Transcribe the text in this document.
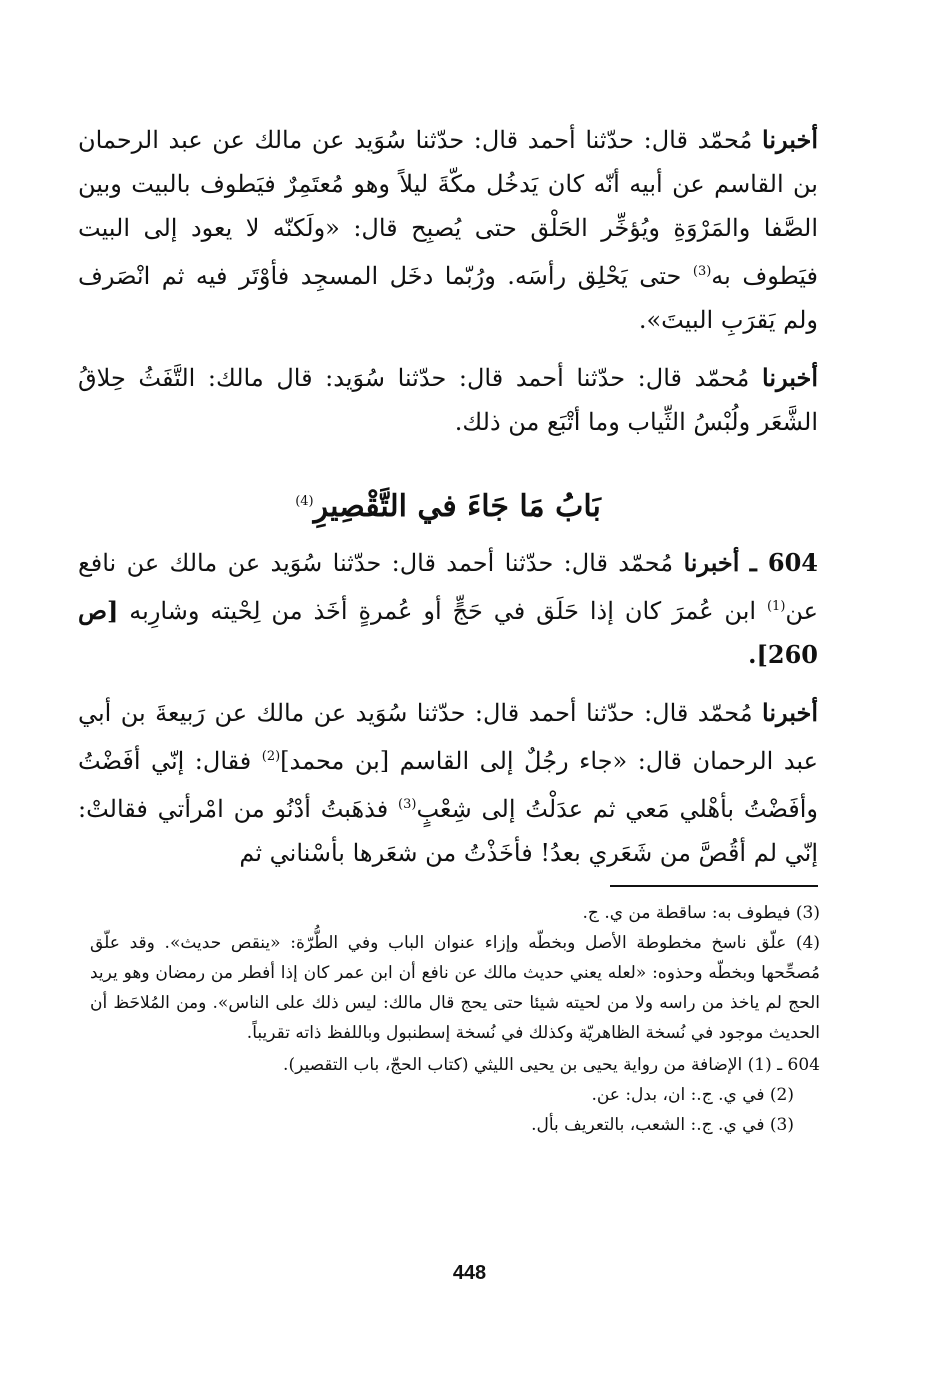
أخبرنا مُحمّد قال: حدّثنا أحمد قال: حدّثنا سُوَيد عن مالك عن عبد الرحمان بن القاسم عن أبيه أنّه كان يَدخُل مكّةَ ليلاً وهو مُعتَمِرٌ فيَطوف بالبيت وبين الصَّفا والمَرْوَةِ ويُؤخِّر الحَلْق حتى يُصبِح قال: «ولَكنّه لا يعود إلى البيت فيَطوف به$^{(3)}$ حتى يَحْلِق رأسَه. ورُبّما دخَل المسجِد فأوْتَر فيه ثم انْصَرف ولم يَقرَبِ البيتَ».

أخبرنا مُحمّد قال: حدّثنا أحمد قال: حدّثنا سُوَيد: قال مالك: التَّفَثُ حِلاقُ الشَّعَر ولُبْسُ الثِّياب وما أتْبَع من ذلك.

بَابُ مَا جَاءَ في التَّقْصِيرِ$^{(4)}$

604 ـ أخبرنا مُحمّد قال: حدّثنا أحمد قال: حدّثنا سُوَيد عن مالك عن نافع عن$^{(1)}$ ابن عُمرَ كان إذا حَلَق في حَجٍّ أو عُمرةٍ أخَذ من لِحْيته وشارِبه [ص 260].

أخبرنا مُحمّد قال: حدّثنا أحمد قال: حدّثنا سُوَيد عن مالك عن رَبيعةَ بن أبي عبد الرحمان قال: «جاء رجُلٌ إلى القاسم [بن محمد]$^{(2)}$ فقال: إنّي أفَضْتُ وأفَضْتُ بأهْلي مَعي ثم عدَلْتُ إلى شِعْبٍ$^{(3)}$ فذهَبتُ أدْنُو من امْرأتي فقالتْ: إنّي لم أقُصَّ من شَعَري بعدُ! فأخَذْتُ من شعَرها بأسْناني ثم

(3) فيطوف به: ساقطة من ي. ج.

(4) علّق ناسخ مخطوطة الأصل وبخطّه وإزاء عنوان الباب وفي الطُّرّة: «ينقص حديث». وقد علّق مُصحِّحها وبخطّه وحذوه: «لعله يعني حديث مالك عن نافع أن ابن عمر كان إذا أفطر من رمضان وهو يريد الحج لم ياخذ من راسه ولا من لحيته شيئا حتى يحج قال مالك: ليس ذلك على الناس». ومن المُلاحَظ أن الحديث موجود في نُسخة الظاهريّة وكذلك في نُسخة إسطنبول وباللفظ ذاته تقريباً.

604 ـ (1) الإضافة من رواية يحيى بن يحيى الليثي (كتاب الحجّ، باب التقصير).

(2) في ي. ج.: ان، بدل: عن.

(3) في ي. ج.: الشعب، بالتعريف بأل.

448
